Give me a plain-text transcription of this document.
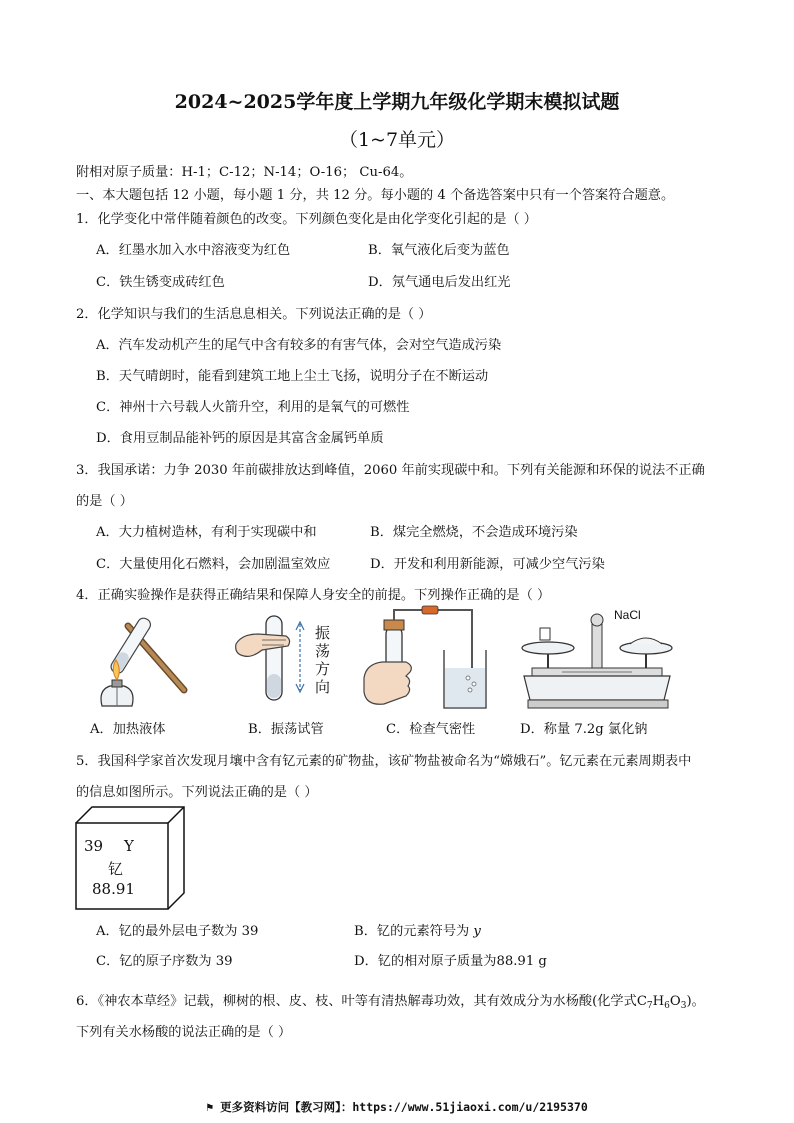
2024~2025学年度上学期九年级化学期末模拟试题
（1~7单元）
附相对原子质量：H-1；C-12；N-14；O-16； Cu-64。
一、本大题包括 12 小题，每小题 1 分，共 12 分。每小题的 4 个备选答案中只有一个答案符合题意。
1．化学变化中常伴随着颜色的改变。下列颜色变化是由化学变化引起的是（ ）
A．红墨水加入水中溶液变为红色	B．氧气液化后变为蓝色
C．铁生锈变成砖红色	D．氖气通电后发出红光
2．化学知识与我们的生活息息相关。下列说法正确的是（ ）
A．汽车发动机产生的尾气中含有较多的有害气体，会对空气造成污染
B．天气晴朗时，能看到建筑工地上尘土飞扬，说明分子在不断运动
C．神州十六号载人火箭升空，利用的是氧气的可燃性
D．食用豆制品能补钙的原因是其富含金属钙单质
3．我国承诺：力争 2030 年前碳排放达到峰值，2060 年前实现碳中和。下列有关能源和环保的说法不正确
的是（ ）
A．大力植树造林，有利于实现碳中和	B．煤完全燃烧，不会造成环境污染
C．大量使用化石燃料，会加剧温室效应	D．开发和利用新能源，可减少空气污染
4．正确实验操作是获得正确结果和保障人身安全的前提。下列操作正确的是（ ）
A．加热液体
振
荡
方
向
B．振荡试管	C．检查气密性
NaCl
D．称量 7.2g 氯化钠
5．我国科学家首次发现月壤中含有钇元素的矿物盐，该矿物盐被命名为“嫦娥石”。钇元素在元素周期表中
的信息如图所示。下列说法正确的是（ ）
39 Y
钇
88.91
A．钇的最外层电子数为 39	B．钇的元素符号为 y
C．钇的原子序数为 39	D．钇的相对原子质量为88.91 g
6．《神农本草经》记载，柳树的根、皮、枝、叶等有清热解毒功效，其有效成分为水杨酸(化学式$C_7H_6O_3$)。
下列有关水杨酸的说法正确的是（ ）
⚑ 更多资料访问【教习网】：https://www.51jiaoxi.com/u/2195370
